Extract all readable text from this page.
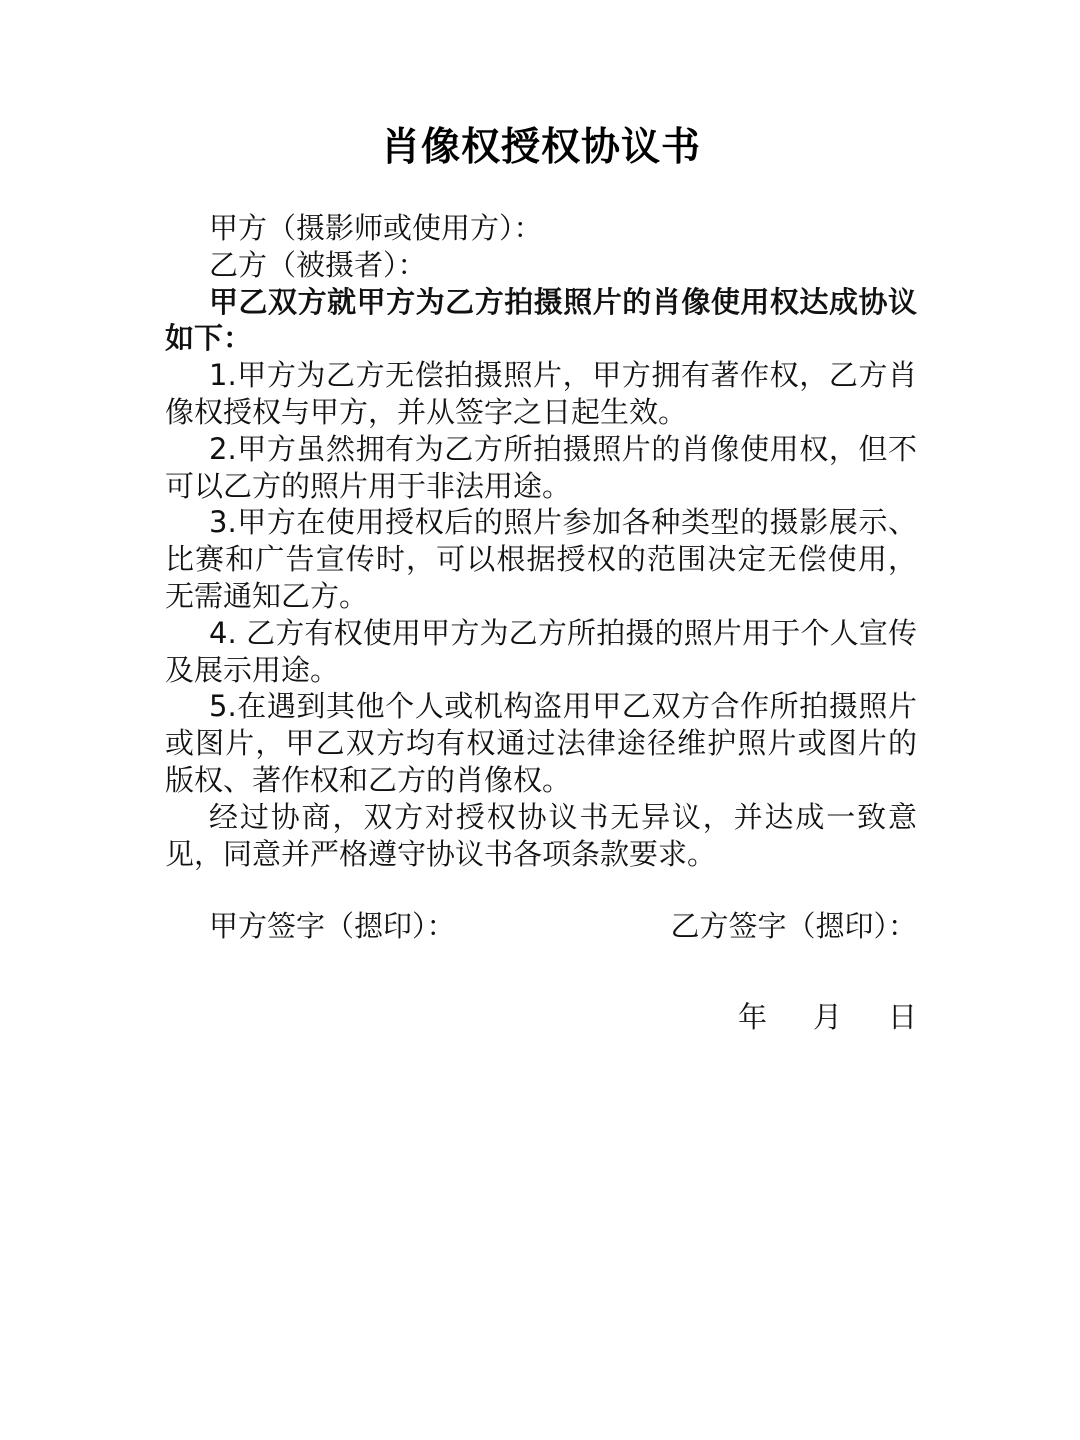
肖像权授权协议书

甲方（摄影师或使用方）：

乙方（被摄者）：

甲乙双方就甲方为乙方拍摄照片的肖像使用权达成协议如下：

1.甲方为乙方无偿拍摄照片，甲方拥有著作权，乙方肖像权授权与甲方，并从签字之日起生效。

2.甲方虽然拥有为乙方所拍摄照片的肖像使用权，但不可以乙方的照片用于非法用途。

3.甲方在使用授权后的照片参加各种类型的摄影展示、比赛和广告宣传时，可以根据授权的范围决定无偿使用，无需通知乙方。

4. 乙方有权使用甲方为乙方所拍摄的照片用于个人宣传及展示用途。

5.在遇到其他个人或机构盗用甲乙双方合作所拍摄照片或图片，甲乙双方均有权通过法律途径维护照片或图片的版权、著作权和乙方的肖像权。

经过协商，双方对授权协议书无异议，并达成一致意见，同意并严格遵守协议书各项条款要求。

甲方签字（摁印）：	乙方签字（摁印）：
年 月 日
